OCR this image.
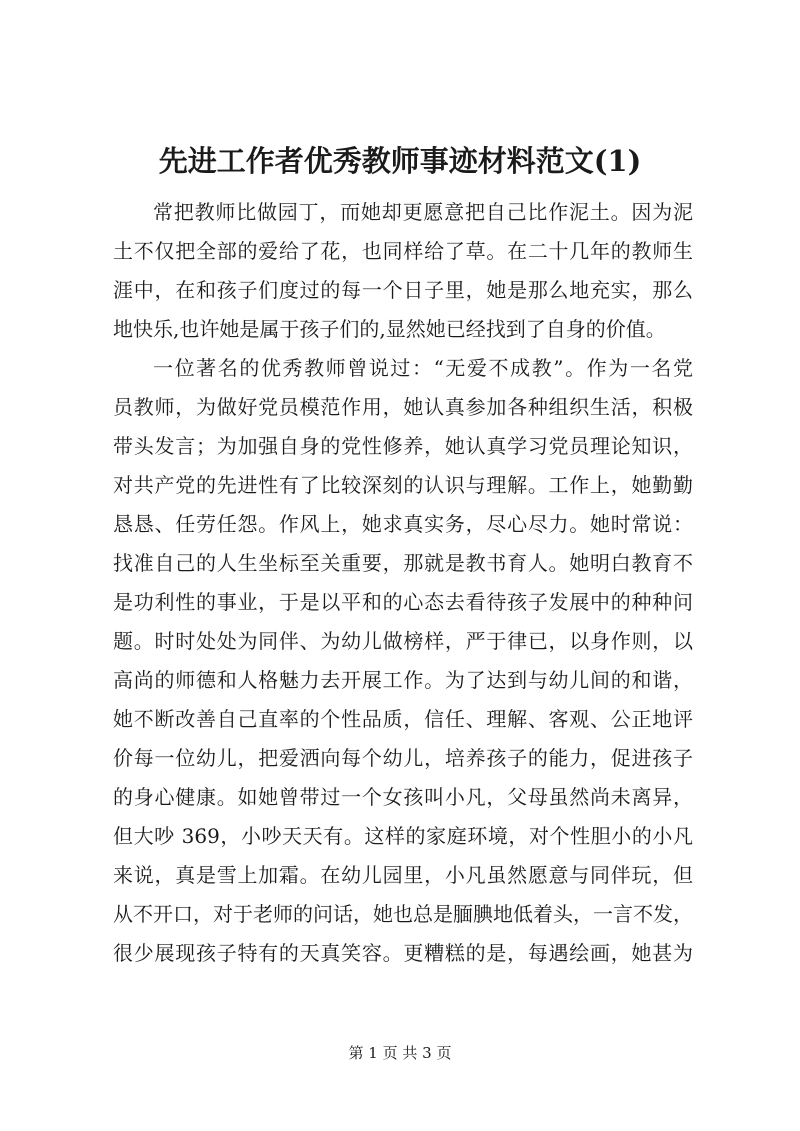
先进工作者优秀教师事迹材料范文(1)
常把教师比做园丁，而她却更愿意把自己比作泥土。因为泥
土不仅把全部的爱给了花，也同样给了草。在二十几年的教师生
涯中，在和孩子们度过的每一个日子里，她是那么地充实，那么
地快乐,也许她是属于孩子们的,显然她已经找到了自身的价值。
一位著名的优秀教师曾说过：“无爱不成教”。作为一名党
员教师，为做好党员模范作用，她认真参加各种组织生活，积极
带头发言；为加强自身的党性修养，她认真学习党员理论知识，
对共产党的先进性有了比较深刻的认识与理解。工作上，她勤勤
恳恳、任劳任怨。作风上，她求真实务，尽心尽力。她时常说：
找准自己的人生坐标至关重要，那就是教书育人。她明白教育不
是功利性的事业，于是以平和的心态去看待孩子发展中的种种问
题。时时处处为同伴、为幼儿做榜样，严于律已，以身作则，以
高尚的师德和人格魅力去开展工作。为了达到与幼儿间的和谐，
她不断改善自己直率的个性品质，信任、理解、客观、公正地评
价每一位幼儿，把爱洒向每个幼儿，培养孩子的能力，促进孩子
的身心健康。如她曾带过一个女孩叫小凡，父母虽然尚未离异，
但大吵 369，小吵天天有。这样的家庭环境，对个性胆小的小凡
来说，真是雪上加霜。在幼儿园里，小凡虽然愿意与同伴玩，但
从不开口，对于老师的问话，她也总是腼腆地低着头，一言不发，
很少展现孩子特有的天真笑容。更糟糕的是，每遇绘画，她甚为
第 1 页 共 3 页
